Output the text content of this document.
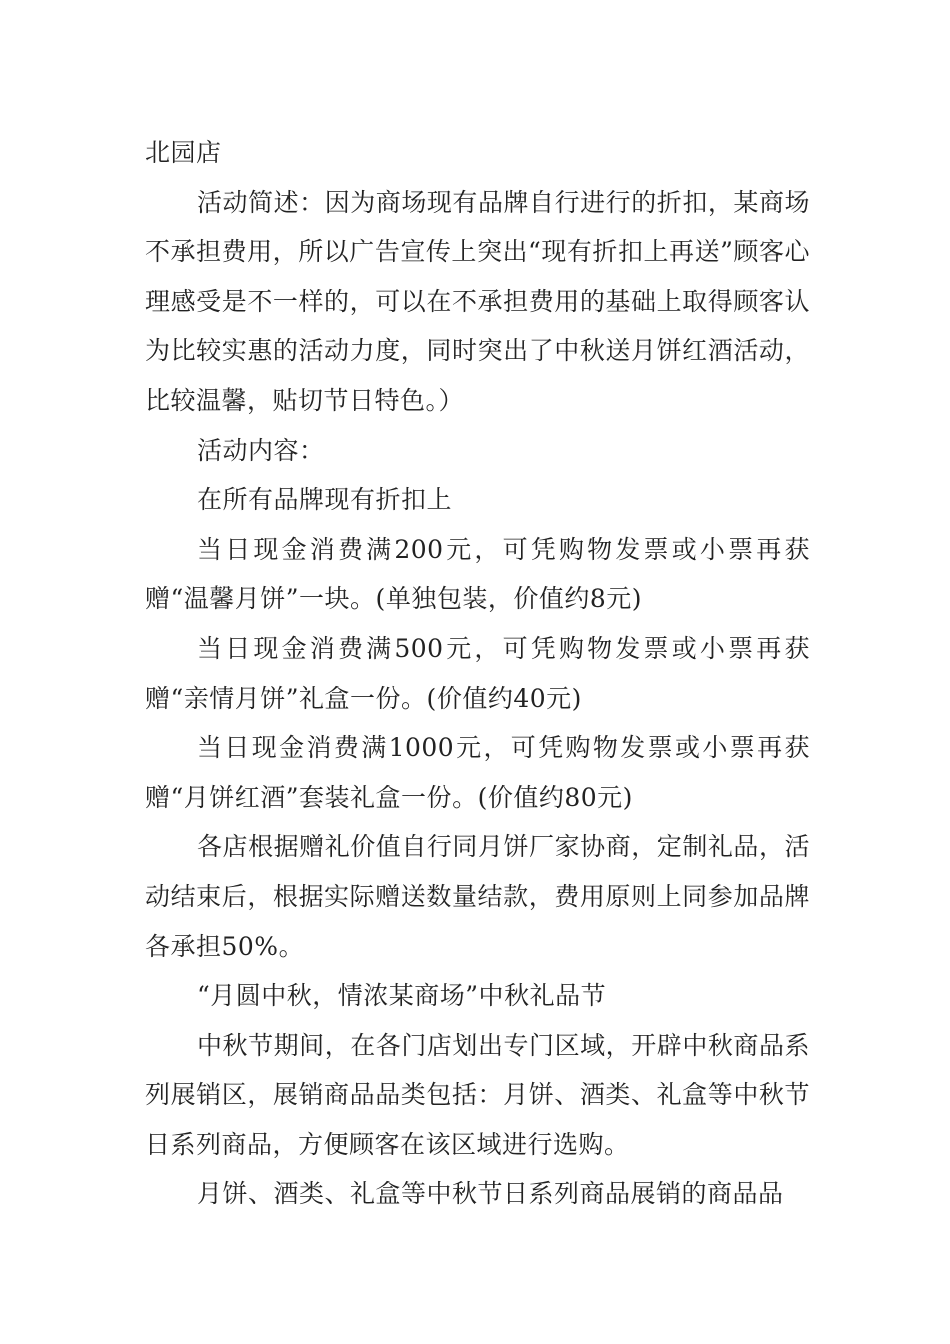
北园店

活动简述：因为商场现有品牌自行进行的折扣，某商场不承担费用，所以广告宣传上突出“现有折扣上再送”顾客心理感受是不一样的，可以在不承担费用的基础上取得顾客认为比较实惠的活动力度，同时突出了中秋送月饼红酒活动，比较温馨，贴切节日特色。）

活动内容：

在所有品牌现有折扣上

当日现金消费满200元，可凭购物发票或小票再获赠“温馨月饼”一块。(单独包装，价值约8元)

当日现金消费满500元，可凭购物发票或小票再获赠“亲情月饼”礼盒一份。(价值约40元)

当日现金消费满1000元，可凭购物发票或小票再获赠“月饼红酒”套装礼盒一份。(价值约80元)

各店根据赠礼价值自行同月饼厂家协商，定制礼品，活动结束后，根据实际赠送数量结款，费用原则上同参加品牌各承担50%。

“月圆中秋，情浓某商场”中秋礼品节

中秋节期间，在各门店划出专门区域，开辟中秋商品系列展销区，展销商品品类包括：月饼、酒类、礼盒等中秋节日系列商品，方便顾客在该区域进行选购。

月饼、酒类、礼盒等中秋节日系列商品展销的商品品
